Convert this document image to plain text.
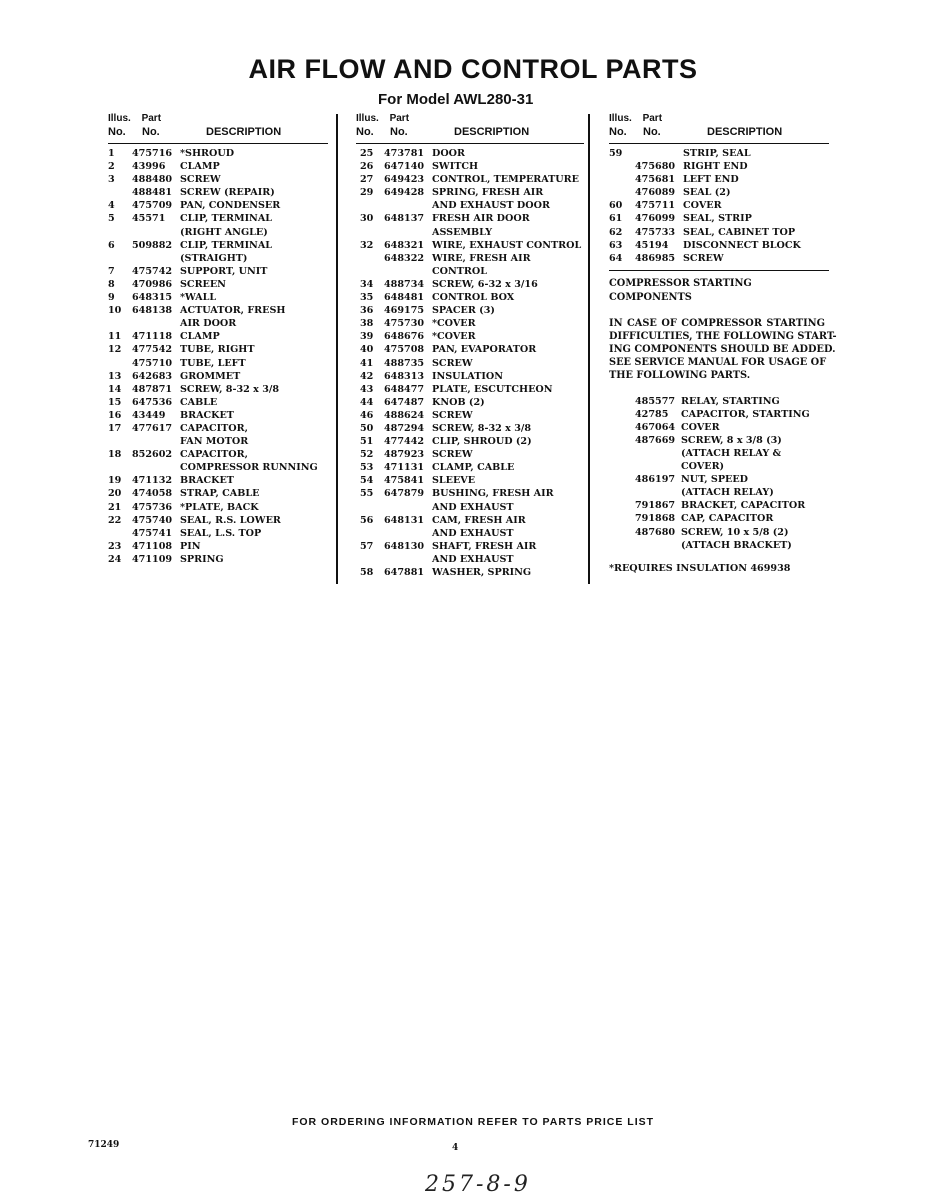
AIR FLOW AND CONTROL PARTS
For Model AWL280-31
Illus. Part
No. No.	DESCRIPTION
1 475716 *SHROUD
2 43996 CLAMP
3 488480 SCREW
488481 SCREW (REPAIR)
4 475709 PAN, CONDENSER
5 45571 CLIP, TERMINAL
(RIGHT ANGLE)
6 509882 CLIP, TERMINAL
(STRAIGHT)
7 475742 SUPPORT, UNIT
8 470986 SCREEN
9 648315 *WALL
10 648138 ACTUATOR, FRESH
AIR DOOR
11 471118 CLAMP
12 477542 TUBE, RIGHT
475710 TUBE, LEFT
13 642683 GROMMET
14 487871 SCREW, 8-32 x 3/8
15 647536 CABLE
16 43449 BRACKET
17 477617 CAPACITOR,
FAN MOTOR
18 852602 CAPACITOR,
COMPRESSOR RUNNING
19 471132 BRACKET
20 474058 STRAP, CABLE
21 475736 *PLATE, BACK
22 475740 SEAL, R.S. LOWER
475741 SEAL, L.S. TOP
23 471108 PIN
24 471109 SPRING
Illus. Part
No. No.	DESCRIPTION
25 473781 DOOR
26 647140 SWITCH
27 649423 CONTROL, TEMPERATURE
29 649428 SPRING, FRESH AIR
AND EXHAUST DOOR
30 648137 FRESH AIR DOOR
ASSEMBLY
32 648321 WIRE, EXHAUST CONTROL
648322 WIRE, FRESH AIR
CONTROL
34 488734 SCREW, 6-32 x 3/16
35 648481 CONTROL BOX
36 469175 SPACER (3)
38 475730 *COVER
39 648676 *COVER
40 475708 PAN, EVAPORATOR
41 488735 SCREW
42 648313 INSULATION
43 648477 PLATE, ESCUTCHEON
44 647487 KNOB (2)
46 488624 SCREW
50 487294 SCREW, 8-32 x 3/8
51 477442 CLIP, SHROUD (2)
52 487923 SCREW
53 471131 CLAMP, CABLE
54 475841 SLEEVE
55 647879 BUSHING, FRESH AIR
AND EXHAUST
56 648131 CAM, FRESH AIR
AND EXHAUST
57 648130 SHAFT, FRESH AIR
AND EXHAUST
58 647881 WASHER, SPRING
Illus. Part
No. No.	DESCRIPTION
59	STRIP, SEAL
475680 RIGHT END
475681 LEFT END
476089 SEAL (2)
60 475711 COVER
61 476099 SEAL, STRIP
62 475733 SEAL, CABINET TOP
63 45194 DISCONNECT BLOCK
64 486985 SCREW
COMPRESSOR STARTING COMPONENTS
IN CASE OF COMPRESSOR STARTING
DIFFICULTIES, THE FOLLOWING START-
ING COMPONENTS SHOULD BE ADDED.
SEE SERVICE MANUAL FOR USAGE OF
THE FOLLOWING PARTS.
485577 RELAY, STARTING
42785 CAPACITOR, STARTING
467064 COVER
487669 SCREW, 8 x 3/8 (3)
(ATTACH RELAY &
COVER)
486197 NUT, SPEED
(ATTACH RELAY)
791867 BRACKET, CAPACITOR
791868 CAP, CAPACITOR
487680 SCREW, 10 x 5/8 (2)
(ATTACH BRACKET)
*REQUIRES INSULATION 469938
FOR ORDERING INFORMATION REFER TO PARTS PRICE LIST
71249	4
257-8-9
